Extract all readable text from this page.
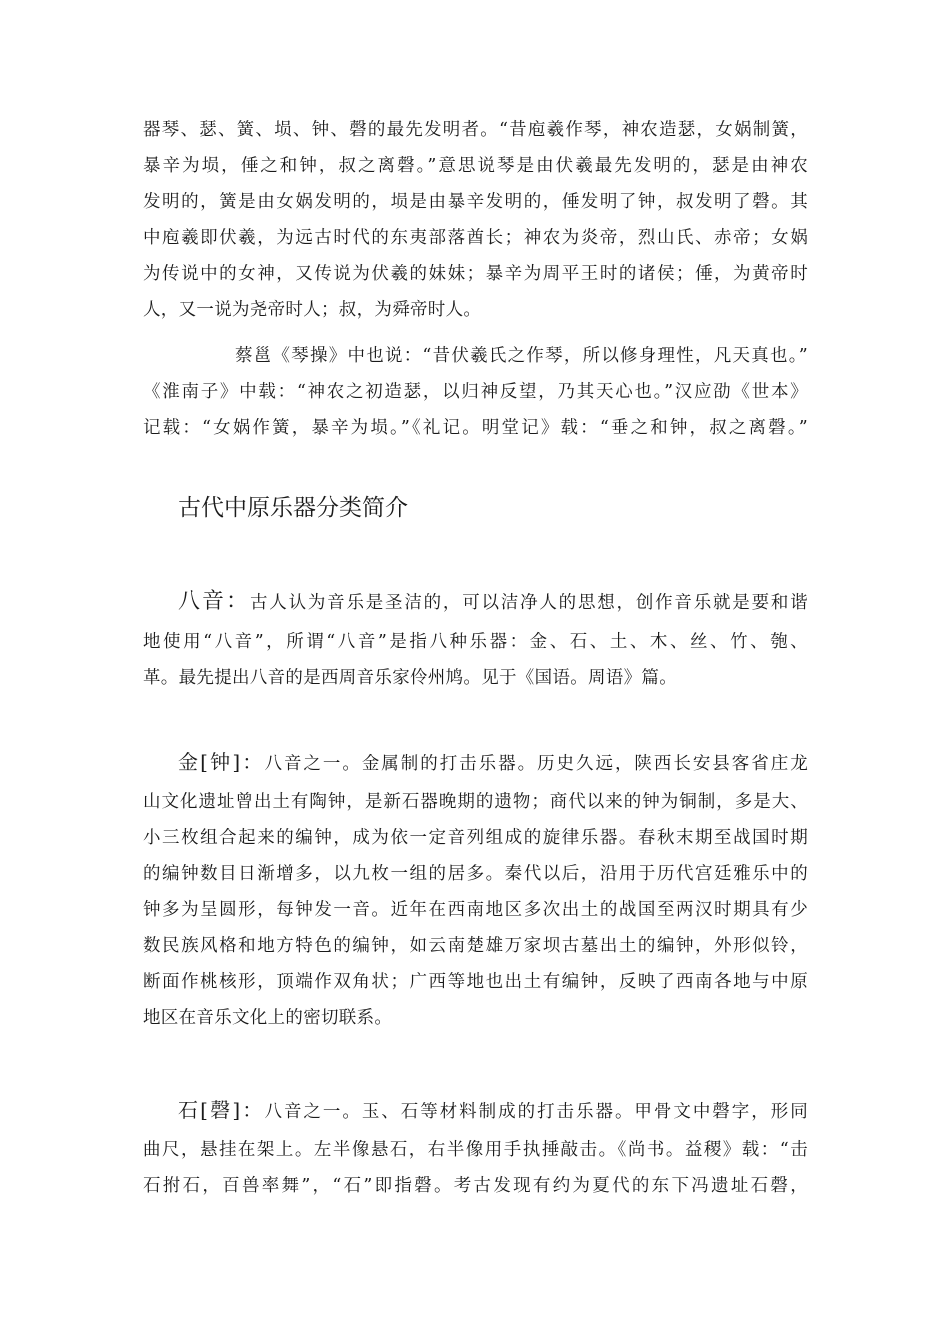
器琴、瑟、簧、埙、钟、磬的最先发明者。“昔庖羲作琴，神农造瑟，女娲制簧，
暴辛为埙，倕之和钟，叔之离磬。”意思说琴是由伏羲最先发明的，瑟是由神农
发明的，簧是由女娲发明的，埙是由暴辛发明的，倕发明了钟，叔发明了磬。其
中庖羲即伏羲，为远古时代的东夷部落酋长；神农为炎帝，烈山氏、赤帝；女娲
为传说中的女神，又传说为伏羲的妹妹；暴辛为周平王时的诸侯；倕，为黄帝时
人，又一说为尧帝时人；叔，为舜帝时人。
蔡邕《琴操》中也说：“昔伏羲氏之作琴，所以修身理性，凡天真也。”
《淮南子》中载：“神农之初造瑟，以归神反望，乃其天心也。”汉应劭《世本》
记载：“女娲作簧，暴辛为埙。”《礼记。明堂记》载：“垂之和钟，叔之离磬。”
古代中原乐器分类简介
八音：古人认为音乐是圣洁的，可以洁净人的思想，创作音乐就是要和谐
地使用“八音”，所谓“八音”是指八种乐器：金、石、土、木、丝、竹、匏、
革。最先提出八音的是西周音乐家伶州鸠。见于《国语。周语》篇。
金[钟]：八音之一。金属制的打击乐器。历史久远，陕西长安县客省庄龙
山文化遗址曾出土有陶钟，是新石器晚期的遗物；商代以来的钟为铜制，多是大、
小三枚组合起来的编钟，成为依一定音列组成的旋律乐器。春秋末期至战国时期
的编钟数目日渐增多，以九枚一组的居多。秦代以后，沿用于历代宫廷雅乐中的
钟多为呈圆形，每钟发一音。近年在西南地区多次出土的战国至两汉时期具有少
数民族风格和地方特色的编钟，如云南楚雄万家坝古墓出土的编钟，外形似铃，
断面作桃核形，顶端作双角状；广西等地也出土有编钟，反映了西南各地与中原
地区在音乐文化上的密切联系。
石[磬]：八音之一。玉、石等材料制成的打击乐器。甲骨文中磬字，形同
曲尺，悬挂在架上。左半像悬石，右半像用手执捶敲击。《尚书。益稷》载：“击
石拊石，百兽率舞”，“石”即指磬。考古发现有约为夏代的东下冯遗址石磬，
